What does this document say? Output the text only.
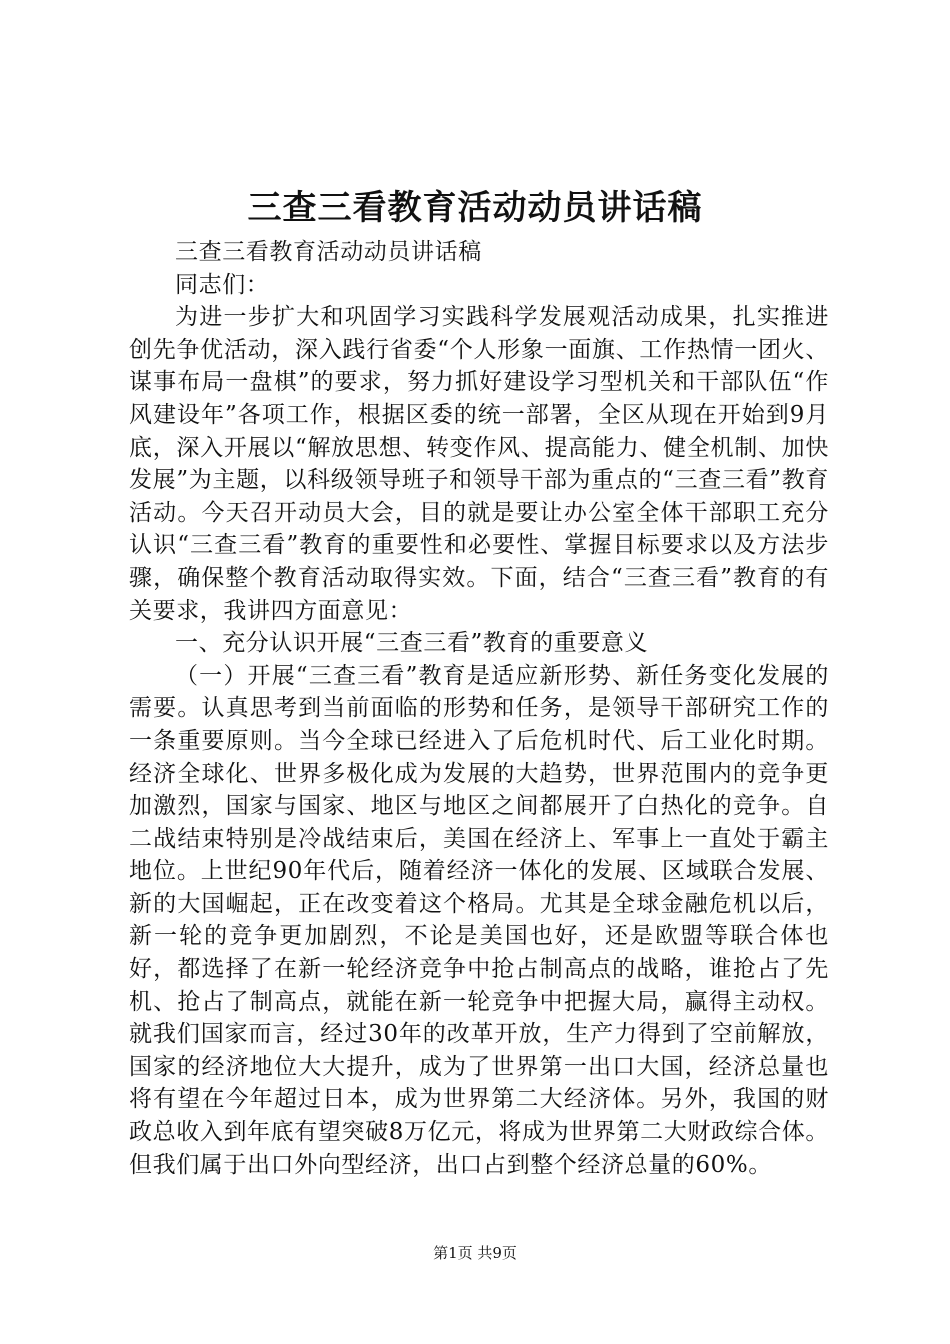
三查三看教育活动动员讲话稿

三查三看教育活动动员讲话稿

同志们：

为进一步扩大和巩固学习实践科学发展观活动成果，扎实推进创先争优活动，深入践行省委“个人形象一面旗、工作热情一团火、谋事布局一盘棋”的要求，努力抓好建设学习型机关和干部队伍“作风建设年”各项工作，根据区委的统一部署，全区从现在开始到9月底，深入开展以“解放思想、转变作风、提高能力、健全机制、加快发展”为主题，以科级领导班子和领导干部为重点的“三查三看”教育活动。今天召开动员大会，目的就是要让办公室全体干部职工充分认识“三查三看”教育的重要性和必要性、掌握目标要求以及方法步骤，确保整个教育活动取得实效。下面，结合“三查三看”教育的有关要求，我讲四方面意见：

一、充分认识开展“三查三看”教育的重要意义

（一）开展“三查三看”教育是适应新形势、新任务变化发展的需要。认真思考到当前面临的形势和任务，是领导干部研究工作的一条重要原则。当今全球已经进入了后危机时代、后工业化时期。经济全球化、世界多极化成为发展的大趋势，世界范围内的竞争更加激烈，国家与国家、地区与地区之间都展开了白热化的竞争。自二战结束特别是冷战结束后，美国在经济上、军事上一直处于霸主地位。上世纪90年代后，随着经济一体化的发展、区域联合发展、新的大国崛起，正在改变着这个格局。尤其是全球金融危机以后，新一轮的竞争更加剧烈，不论是美国也好，还是欧盟等联合体也好，都选择了在新一轮经济竞争中抢占制高点的战略，谁抢占了先机、抢占了制高点，就能在新一轮竞争中把握大局，赢得主动权。就我们国家而言，经过30年的改革开放，生产力得到了空前解放，国家的经济地位大大提升，成为了世界第一出口大国，经济总量也将有望在今年超过日本，成为世界第二大经济体。另外，我国的财政总收入到年底有望突破8万亿元，将成为世界第二大财政综合体。但我们属于出口外向型经济，出口占到整个经济总量的60%。

第1页 共9页
